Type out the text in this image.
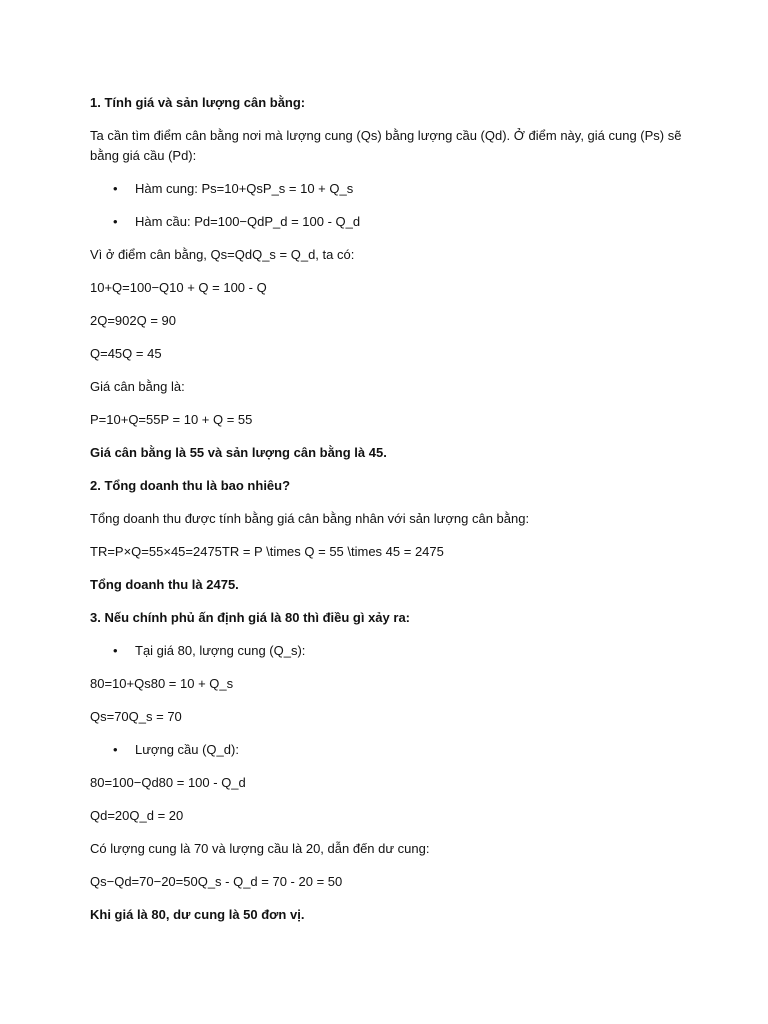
1. Tính giá và sản lượng cân bằng:

Ta cần tìm điểm cân bằng nơi mà lượng cung (Qs) bằng lượng cầu (Qd). Ở điểm này, giá cung (Ps) sẽ bằng giá cầu (Pd):

• Hàm cung: Ps=10+QsP_s = 10 + Q_s

• Hàm cầu: Pd=100−QdP_d = 100 - Q_d

Vì ở điểm cân bằng, Qs=QdQ_s = Q_d, ta có:

10+Q=100−Q10 + Q = 100 - Q

2Q=902Q = 90

Q=45Q = 45

Giá cân bằng là:

P=10+Q=55P = 10 + Q = 55

Giá cân bằng là 55 và sản lượng cân bằng là 45.

2. Tổng doanh thu là bao nhiêu?

Tổng doanh thu được tính bằng giá cân bằng nhân với sản lượng cân bằng:

TR=P×Q=55×45=2475TR = P \times Q = 55 \times 45 = 2475

Tổng doanh thu là 2475.

3. Nếu chính phủ ấn định giá là 80 thì điều gì xảy ra:

• Tại giá 80, lượng cung (Q_s):

80=10+Qs80 = 10 + Q_s

Qs=70Q_s = 70

• Lượng cầu (Q_d):

80=100−Qd80 = 100 - Q_d

Qd=20Q_d = 20

Có lượng cung là 70 và lượng cầu là 20, dẫn đến dư cung:

Qs−Qd=70−20=50Q_s - Q_d = 70 - 20 = 50

Khi giá là 80, dư cung là 50 đơn vị.
